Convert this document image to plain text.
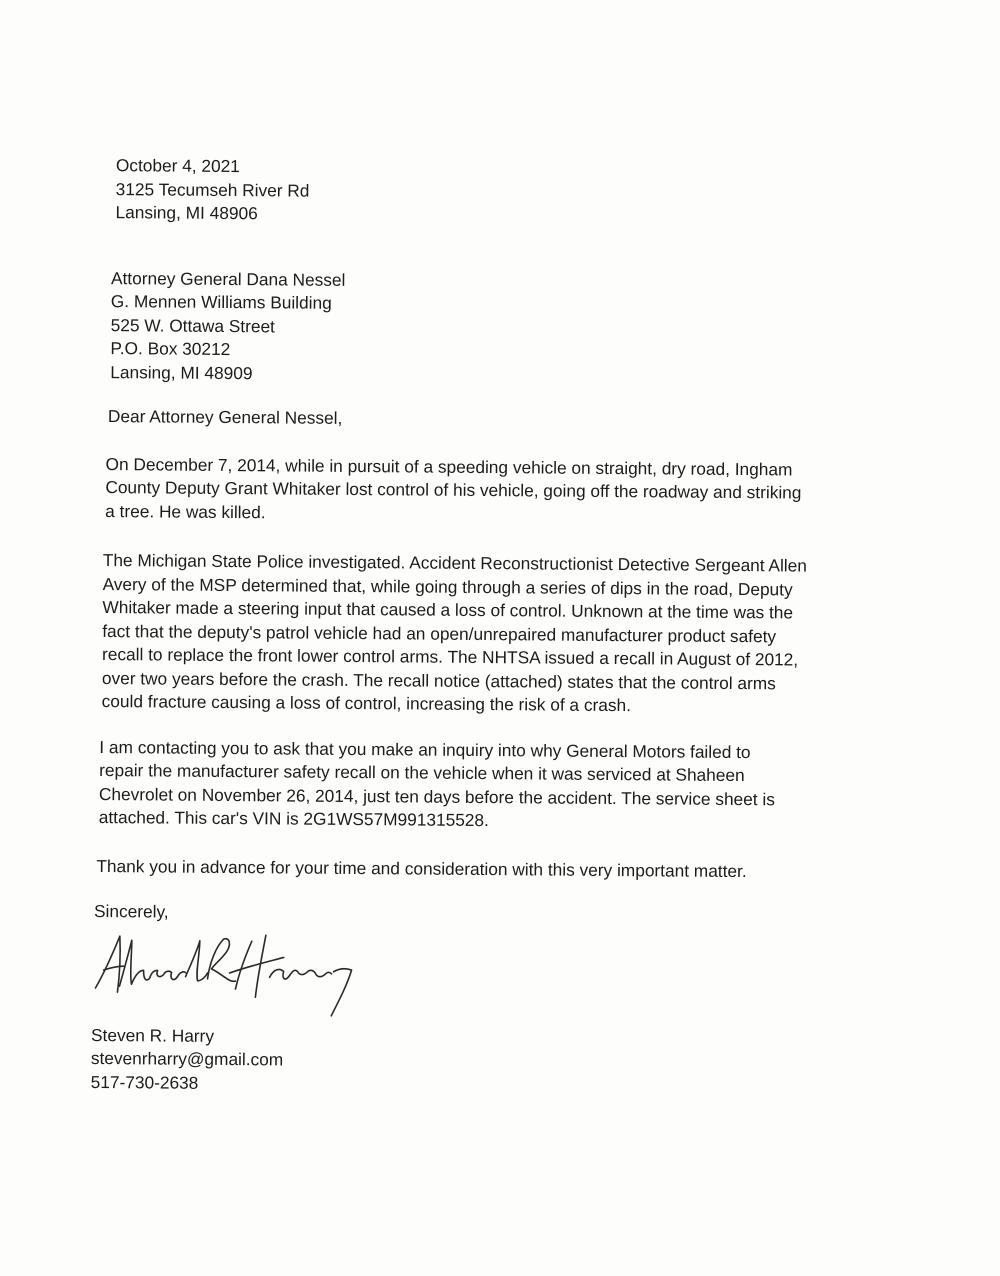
October 4, 2021
3125 Tecumseh River Rd
Lansing, MI 48906
Attorney General Dana Nessel
G. Mennen Williams Building
525 W. Ottawa Street
P.O. Box 30212
Lansing, MI 48909
Dear Attorney General Nessel,
On December 7, 2014, while in pursuit of a speeding vehicle on straight, dry road, Ingham
County Deputy Grant Whitaker lost control of his vehicle, going off the roadway and striking
a tree. He was killed.
The Michigan State Police investigated. Accident Reconstructionist Detective Sergeant Allen
Avery of the MSP determined that, while going through a series of dips in the road, Deputy
Whitaker made a steering input that caused a loss of control. Unknown at the time was the
fact that the deputy's patrol vehicle had an open/unrepaired manufacturer product safety
recall to replace the front lower control arms. The NHTSA issued a recall in August of 2012,
over two years before the crash. The recall notice (attached) states that the control arms
could fracture causing a loss of control, increasing the risk of a crash.
I am contacting you to ask that you make an inquiry into why General Motors failed to
repair the manufacturer safety recall on the vehicle when it was serviced at Shaheen
Chevrolet on November 26, 2014, just ten days before the accident. The service sheet is
attached. This car's VIN is 2G1WS57M991315528.
Thank you in advance for your time and consideration with this very important matter.
Sincerely,
Steven R. Harry
stevenrharry@gmail.com
517-730-2638
